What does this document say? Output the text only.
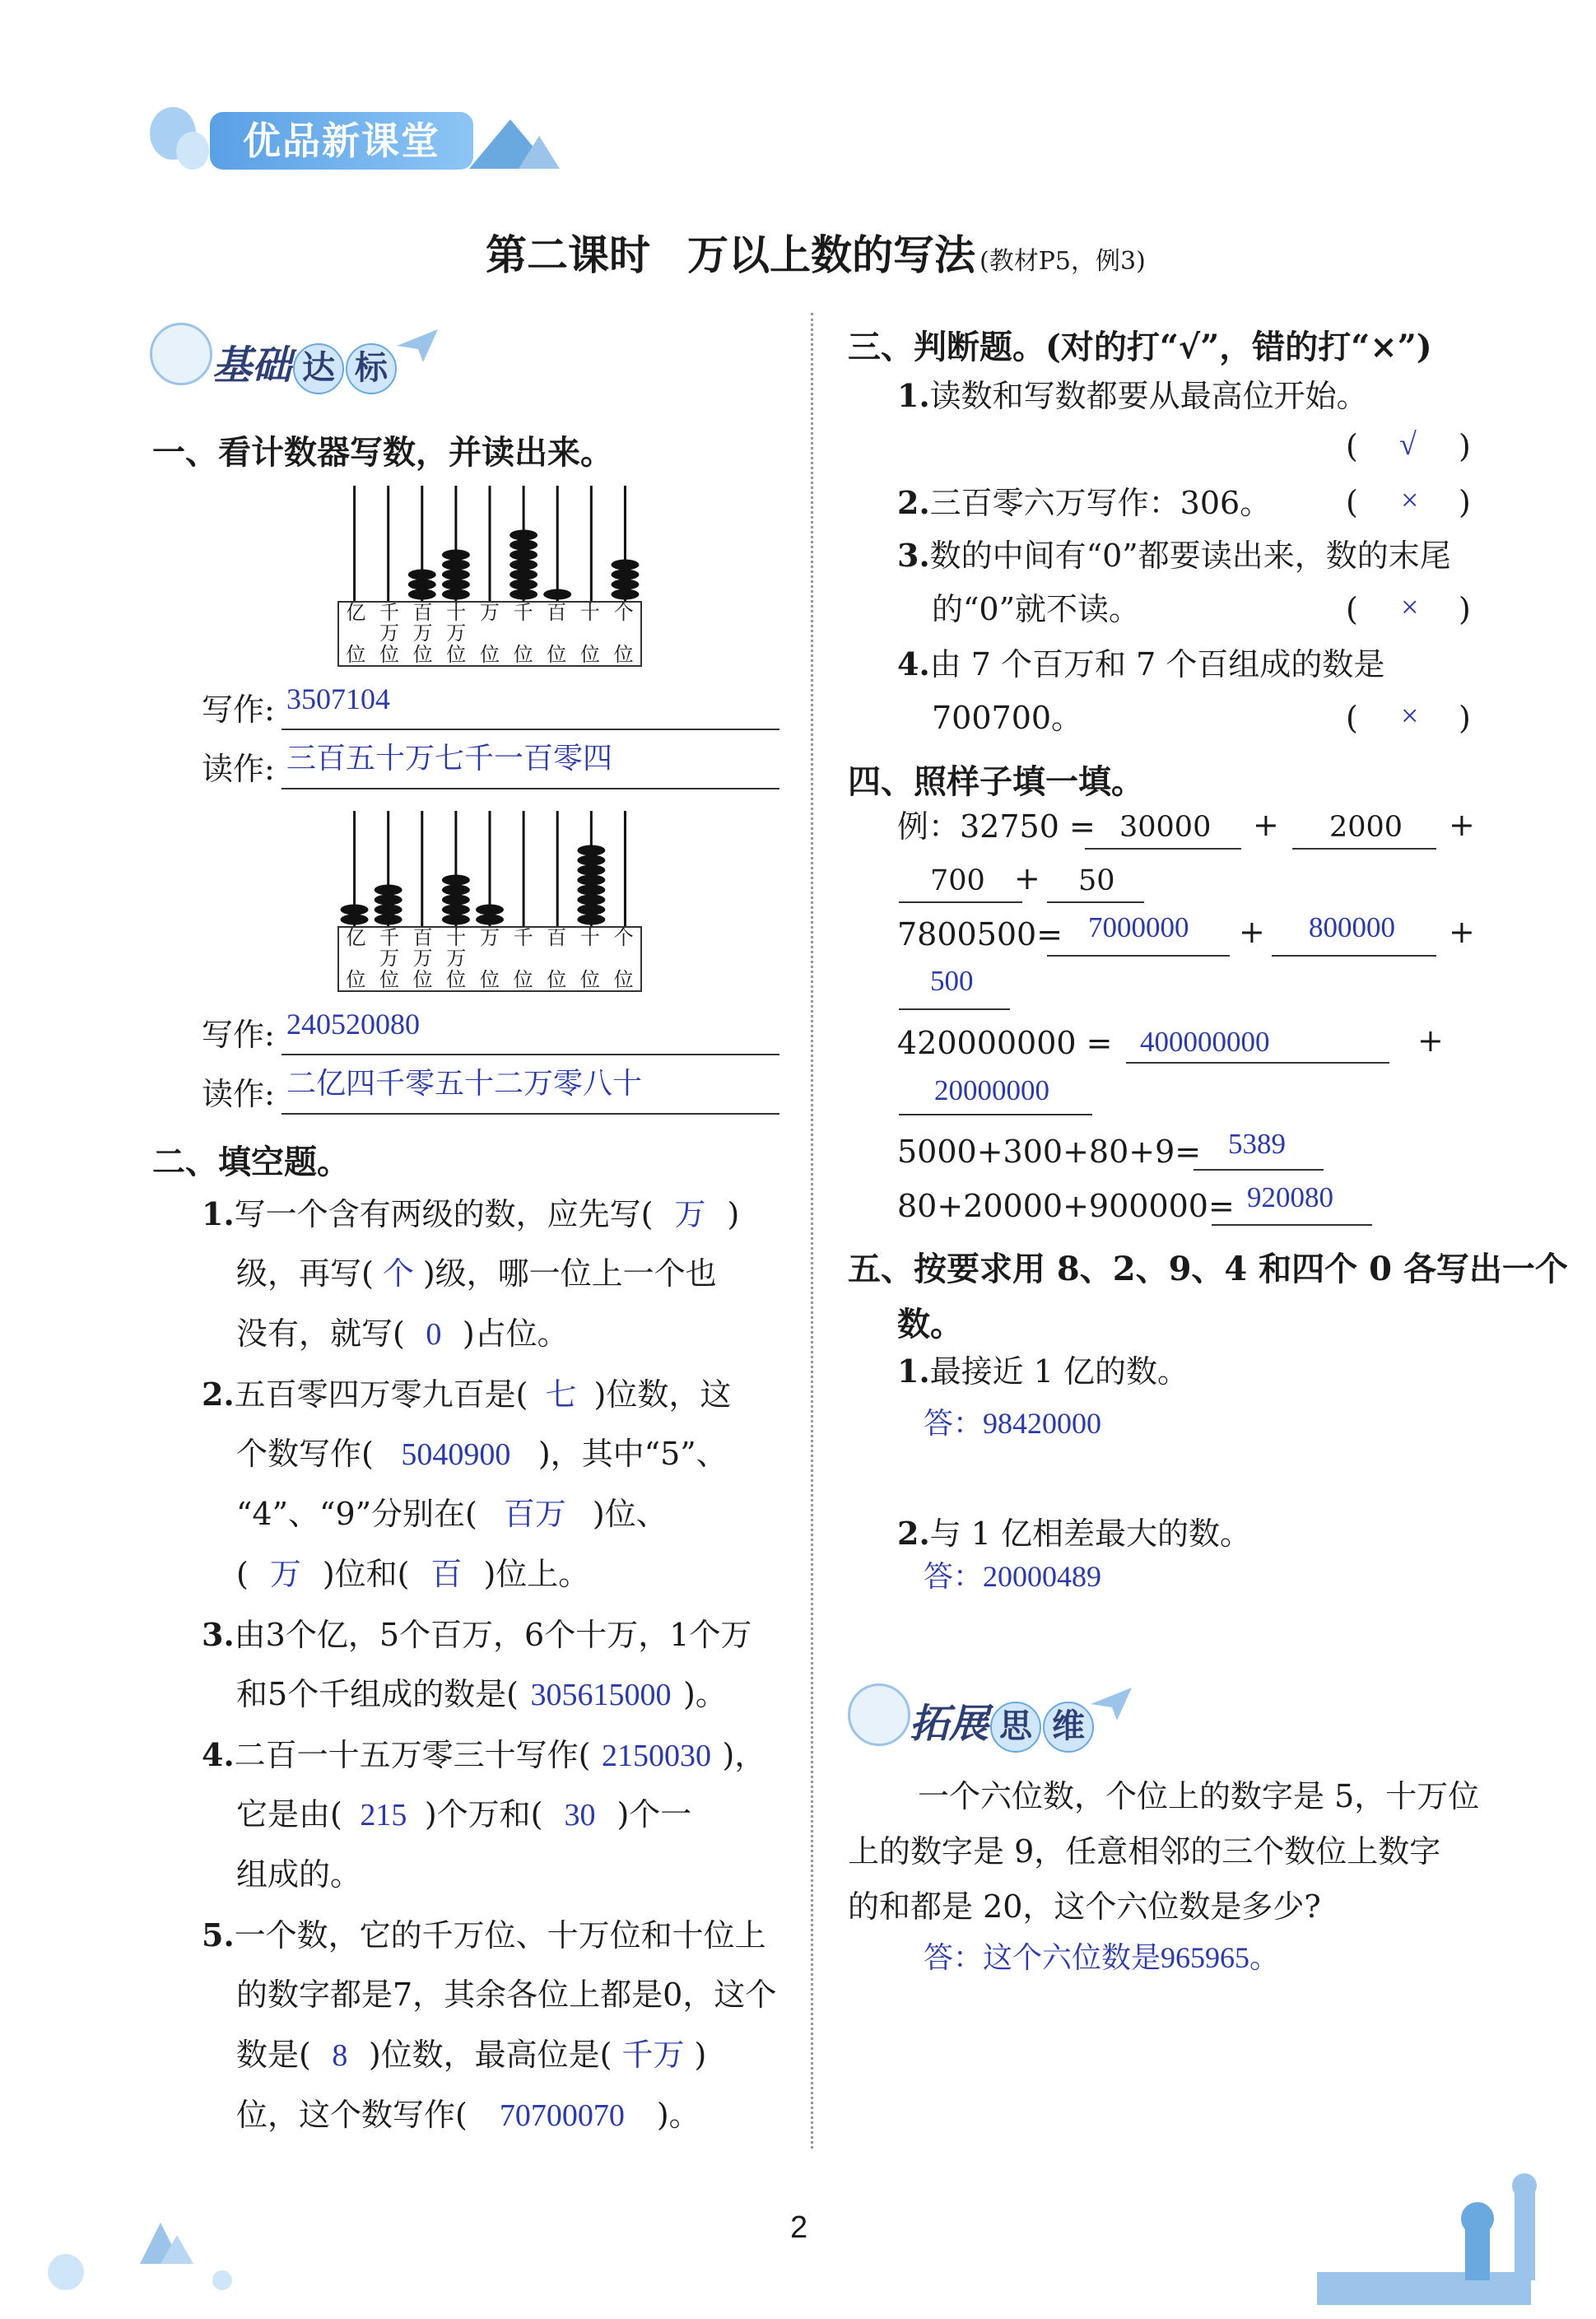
优品新课堂
第二课时 万以上数的写法 (教材P5，例3)
基础 达 标
一、看计数器写数，并读出来。
亿

位
千
万
位
百
万
位
十
万
位
万

位
千

位
百

位
十

位
个

位
写作: 3507104
读作: 三百五十万七千一百零四
亿

位
千
万
位
百
万
位
十
万
位
万

位
千

位
百

位
十

位
个

位
写作: 240520080
读作: 二亿四千零五十二万零八十
二、填空题。
1.写一个含有两级的数，应先写( 万 )
级，再写( 个 )级，哪一位上一个也
没有，就写( 0 )占位。
2.五百零四万零九百是( 七 )位数，这
个数写作( 5040900 )，其中“5”、
“4”、“9”分别在( 百万 )位、
( 万 )位和( 百 )位上。
3.由3个亿，5个百万，6个十万，1个万
和5个千组成的数是( 305615000 )。
4.二百一十五万零三十写作( 2150030 )，
它是由( 215 )个万和( 30 )个一
组成的。
5.一个数，它的千万位、十万位和十位上
的数字都是7，其余各位上都是0，这个
数是( 8 )位数，最高位是( 千万 )
位，这个数写作( 70700070 )。
三、判断题。(对的打“√”，错的打“×”)
1.读数和写数都要从最高位开始。
( √ )
2.三百零六万写作：306。 ( × )
3.数的中间有“0”都要读出来，数的末尾
的“0”就不读。	( × )
4.由 7 个百万和 7 个百组成的数是
700700。	( × )
四、照样子填一填。
例：32750 = 30000 + 2000 +
700 + 50
7800500= 7000000 + 800000 +
500
420000000 = 400000000	+
20000000
5000+300+80+9= 5389
80+20000+900000= 920080
五、按要求用 8、2、9、4 和四个 0 各写出一个
数。
1.最接近 1 亿的数。
答：98420000
2.与 1 亿相差最大的数。
答：20000489
拓展 思 维
一个六位数，个位上的数字是 5，十万位
上的数字是 9，任意相邻的三个数位上数字
的和都是 20，这个六位数是多少?
答：这个六位数是965965。
2
